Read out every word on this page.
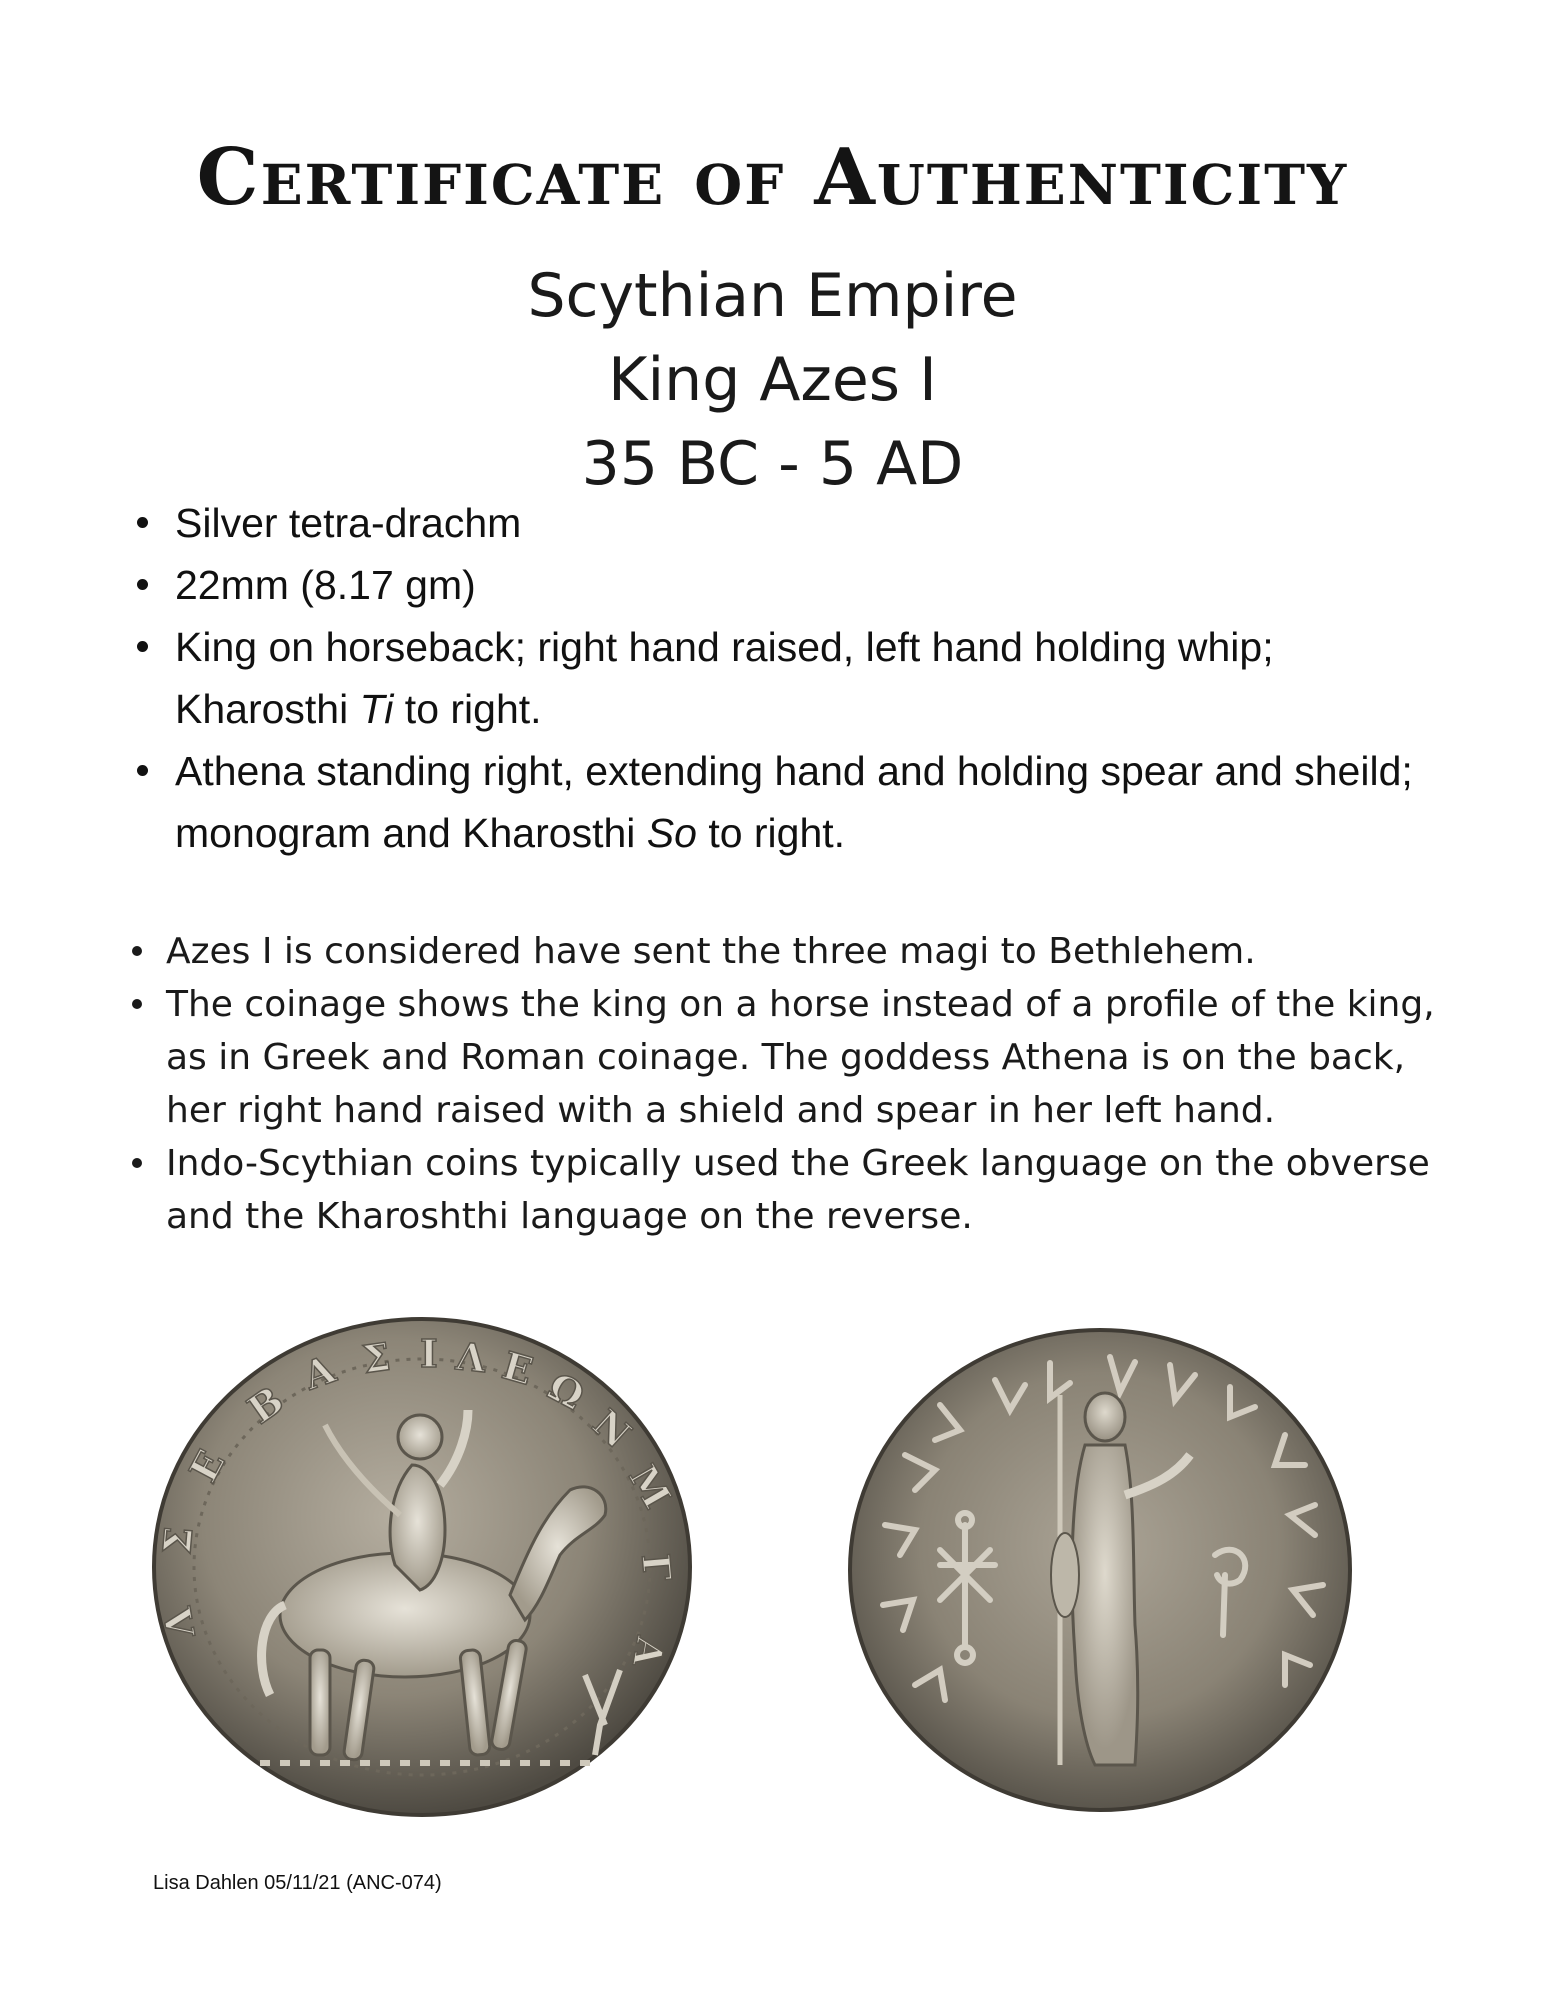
Certificate of Authenticity
Scythian Empire
King Azes I
35 BC - 5 AD
Silver tetra-drachm
22mm (8.17 gm)
King on horseback; right hand raised, left hand holding whip; Kharosthi Ti to right.
Athena standing right, extending hand and holding spear and sheild; monogram and Kharosthi So to right.
Azes I is considered have sent the three magi to Bethlehem.
The coinage shows the king on a horse instead of a profile of the king, as in Greek and Roman coinage. The goddess Athena is on the back, her right hand raised with a shield and spear in her left hand.
Indo-Scythian coins typically used the Greek language on the obverse and the Kharoshthi language on the reverse.
Β
Α Σ Ι Λ Ε Ω
Ν
Μ
Ε
Σ
Λ
Γ
Α
Lisa Dahlen 05/11/21 (ANC-074)
